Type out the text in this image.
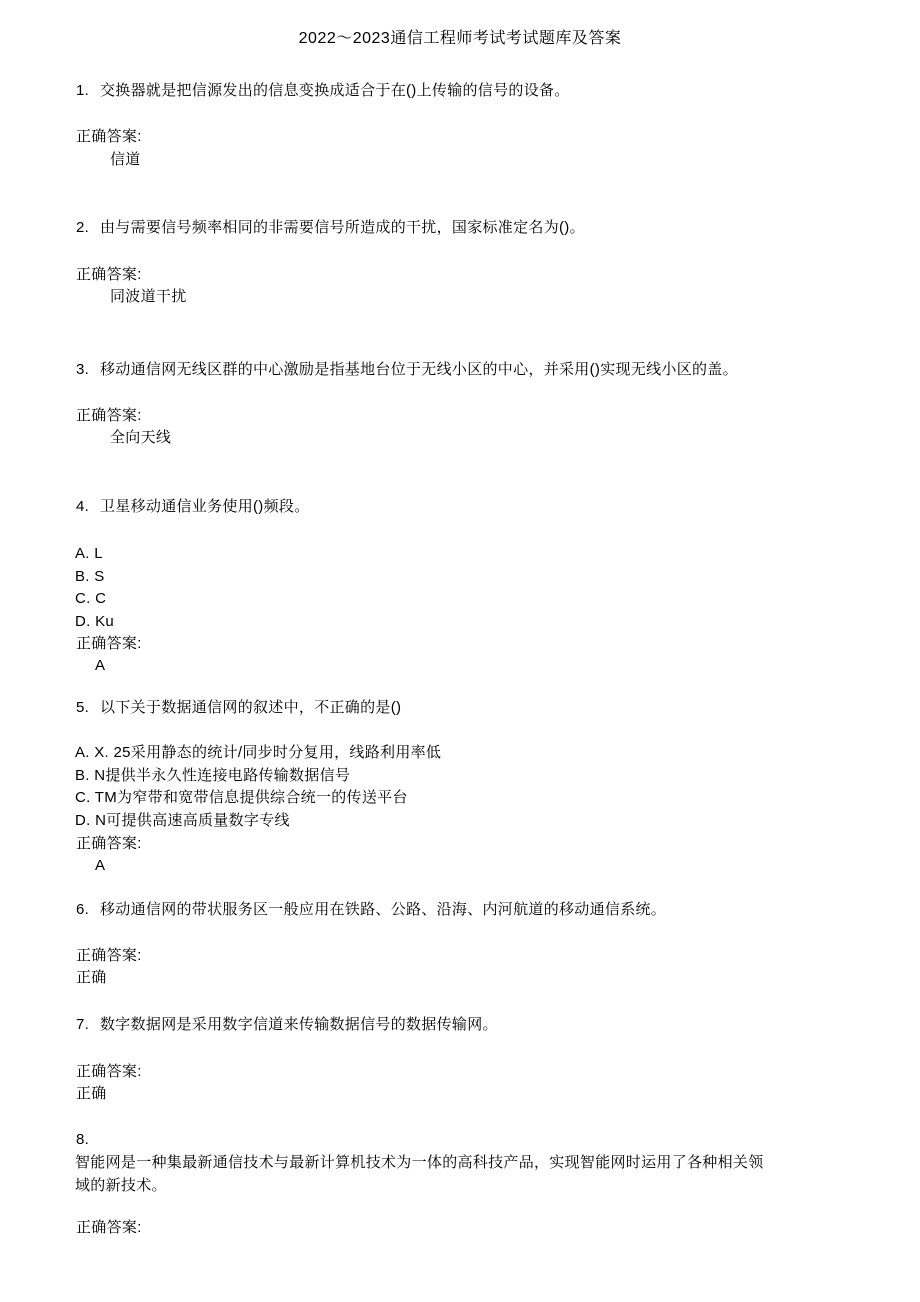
2022～2023通信工程师考试考试题库及答案
1. 交换器就是把信源发出的信息变换成适合于在()上传输的信号的设备。
正确答案:
信道
2. 由与需要信号频率相同的非需要信号所造成的干扰，国家标准定名为()。
正确答案:
同波道干扰
3. 移动通信网无线区群的中心激励是指基地台位于无线小区的中心，并采用()实现无线小区的盖。
正确答案:
全向天线
4. 卫星移动通信业务使用()频段。
A. L
B. S
C. C
D. Ku
正确答案:
A
5. 以下关于数据通信网的叙述中，不正确的是()
A. X. 25采用静态的统计/同步时分复用，线路利用率低
B. N提供半永久性连接电路传输数据信号
C. TM为窄带和宽带信息提供综合统一的传送平台
D. N可提供高速高质量数字专线
正确答案:
A
6. 移动通信网的带状服务区一般应用在铁路、公路、沿海、内河航道的移动通信系统。
正确答案:
正确
7. 数字数据网是采用数字信道来传输数据信号的数据传输网。
正确答案:
正确
8.
智能网是一种集最新通信技术与最新计算机技术为一体的高科技产品，实现智能网时运用了各种相关领
域的新技术。
正确答案:
